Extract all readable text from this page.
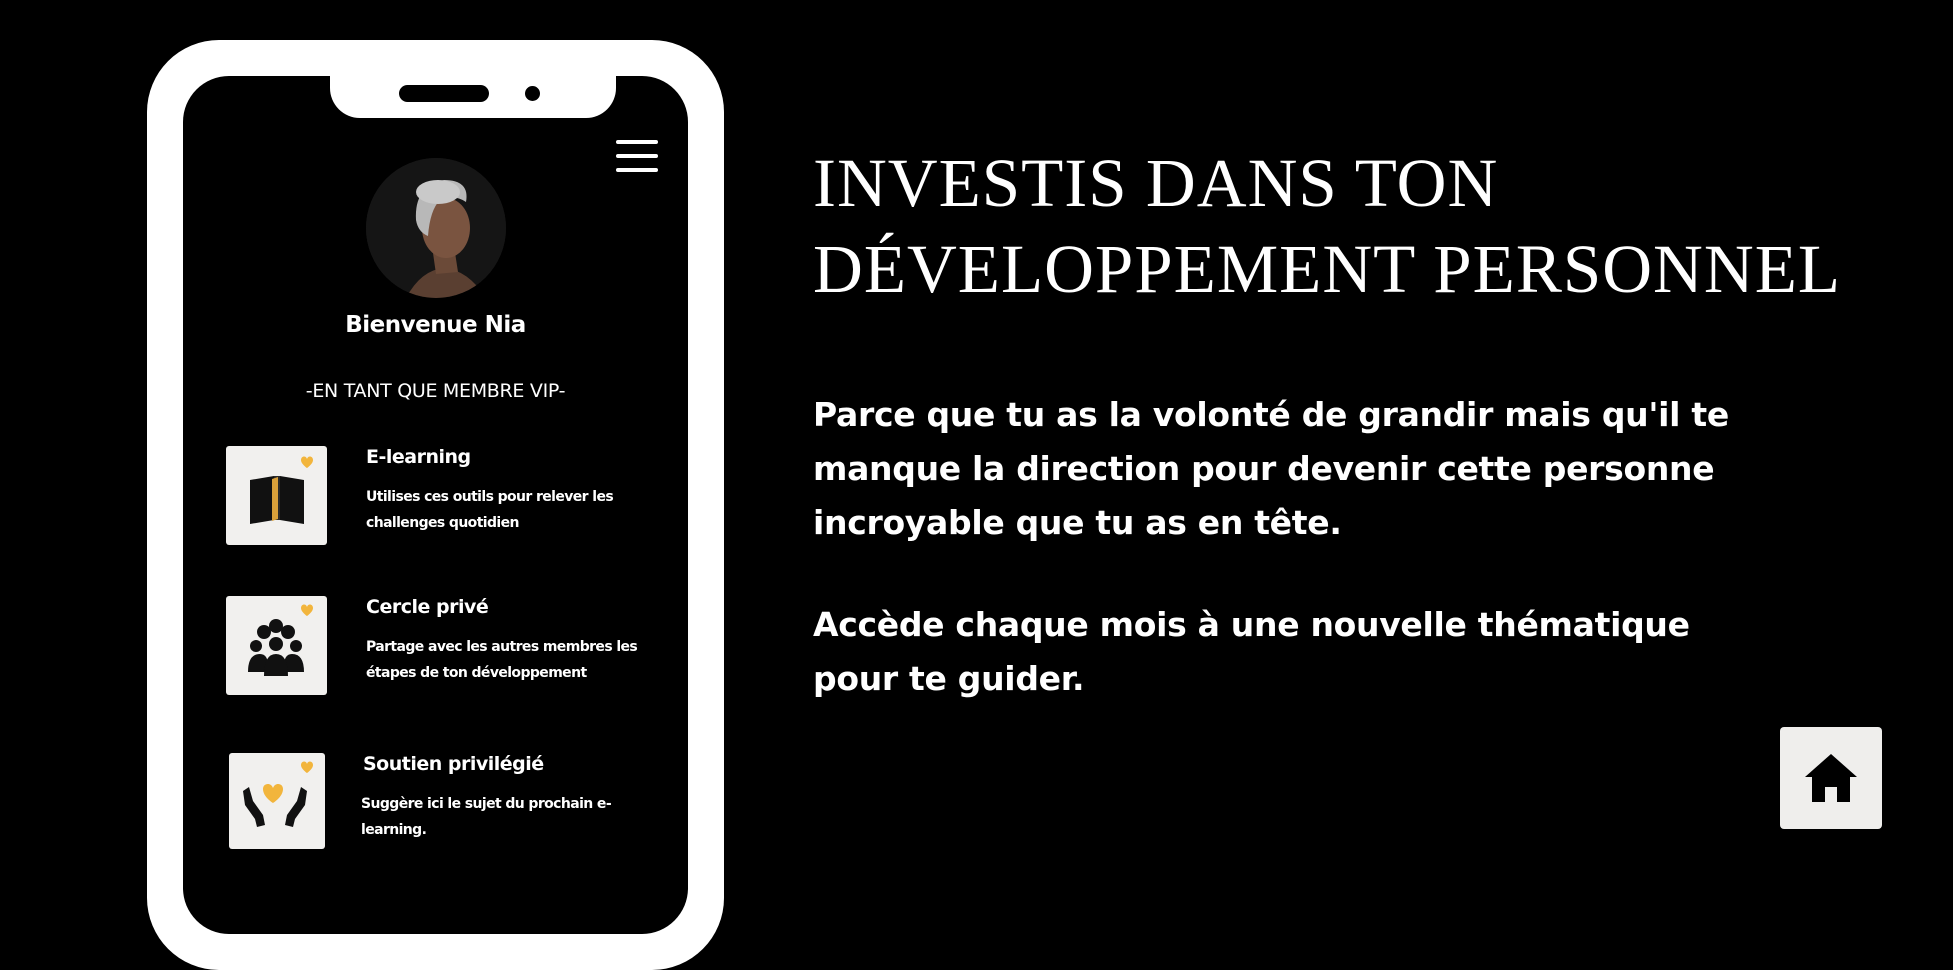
Bienvenue Nia
-EN TANT QUE MEMBRE VIP-
E-learning
Utilises ces outils pour relever les challenges quotidien
Cercle privé
Partage avec les autres membres les étapes de ton développement
Soutien privilégié
Suggère ici le sujet du prochain e-learning.
INVESTIS DANS TON
DÉVELOPPEMENT PERSONNEL
Parce que tu as la volonté de grandir mais qu'il te manque la direction pour devenir cette personne incroyable que tu as en tête.
Accède chaque mois à une nouvelle thématique pour te guider.
